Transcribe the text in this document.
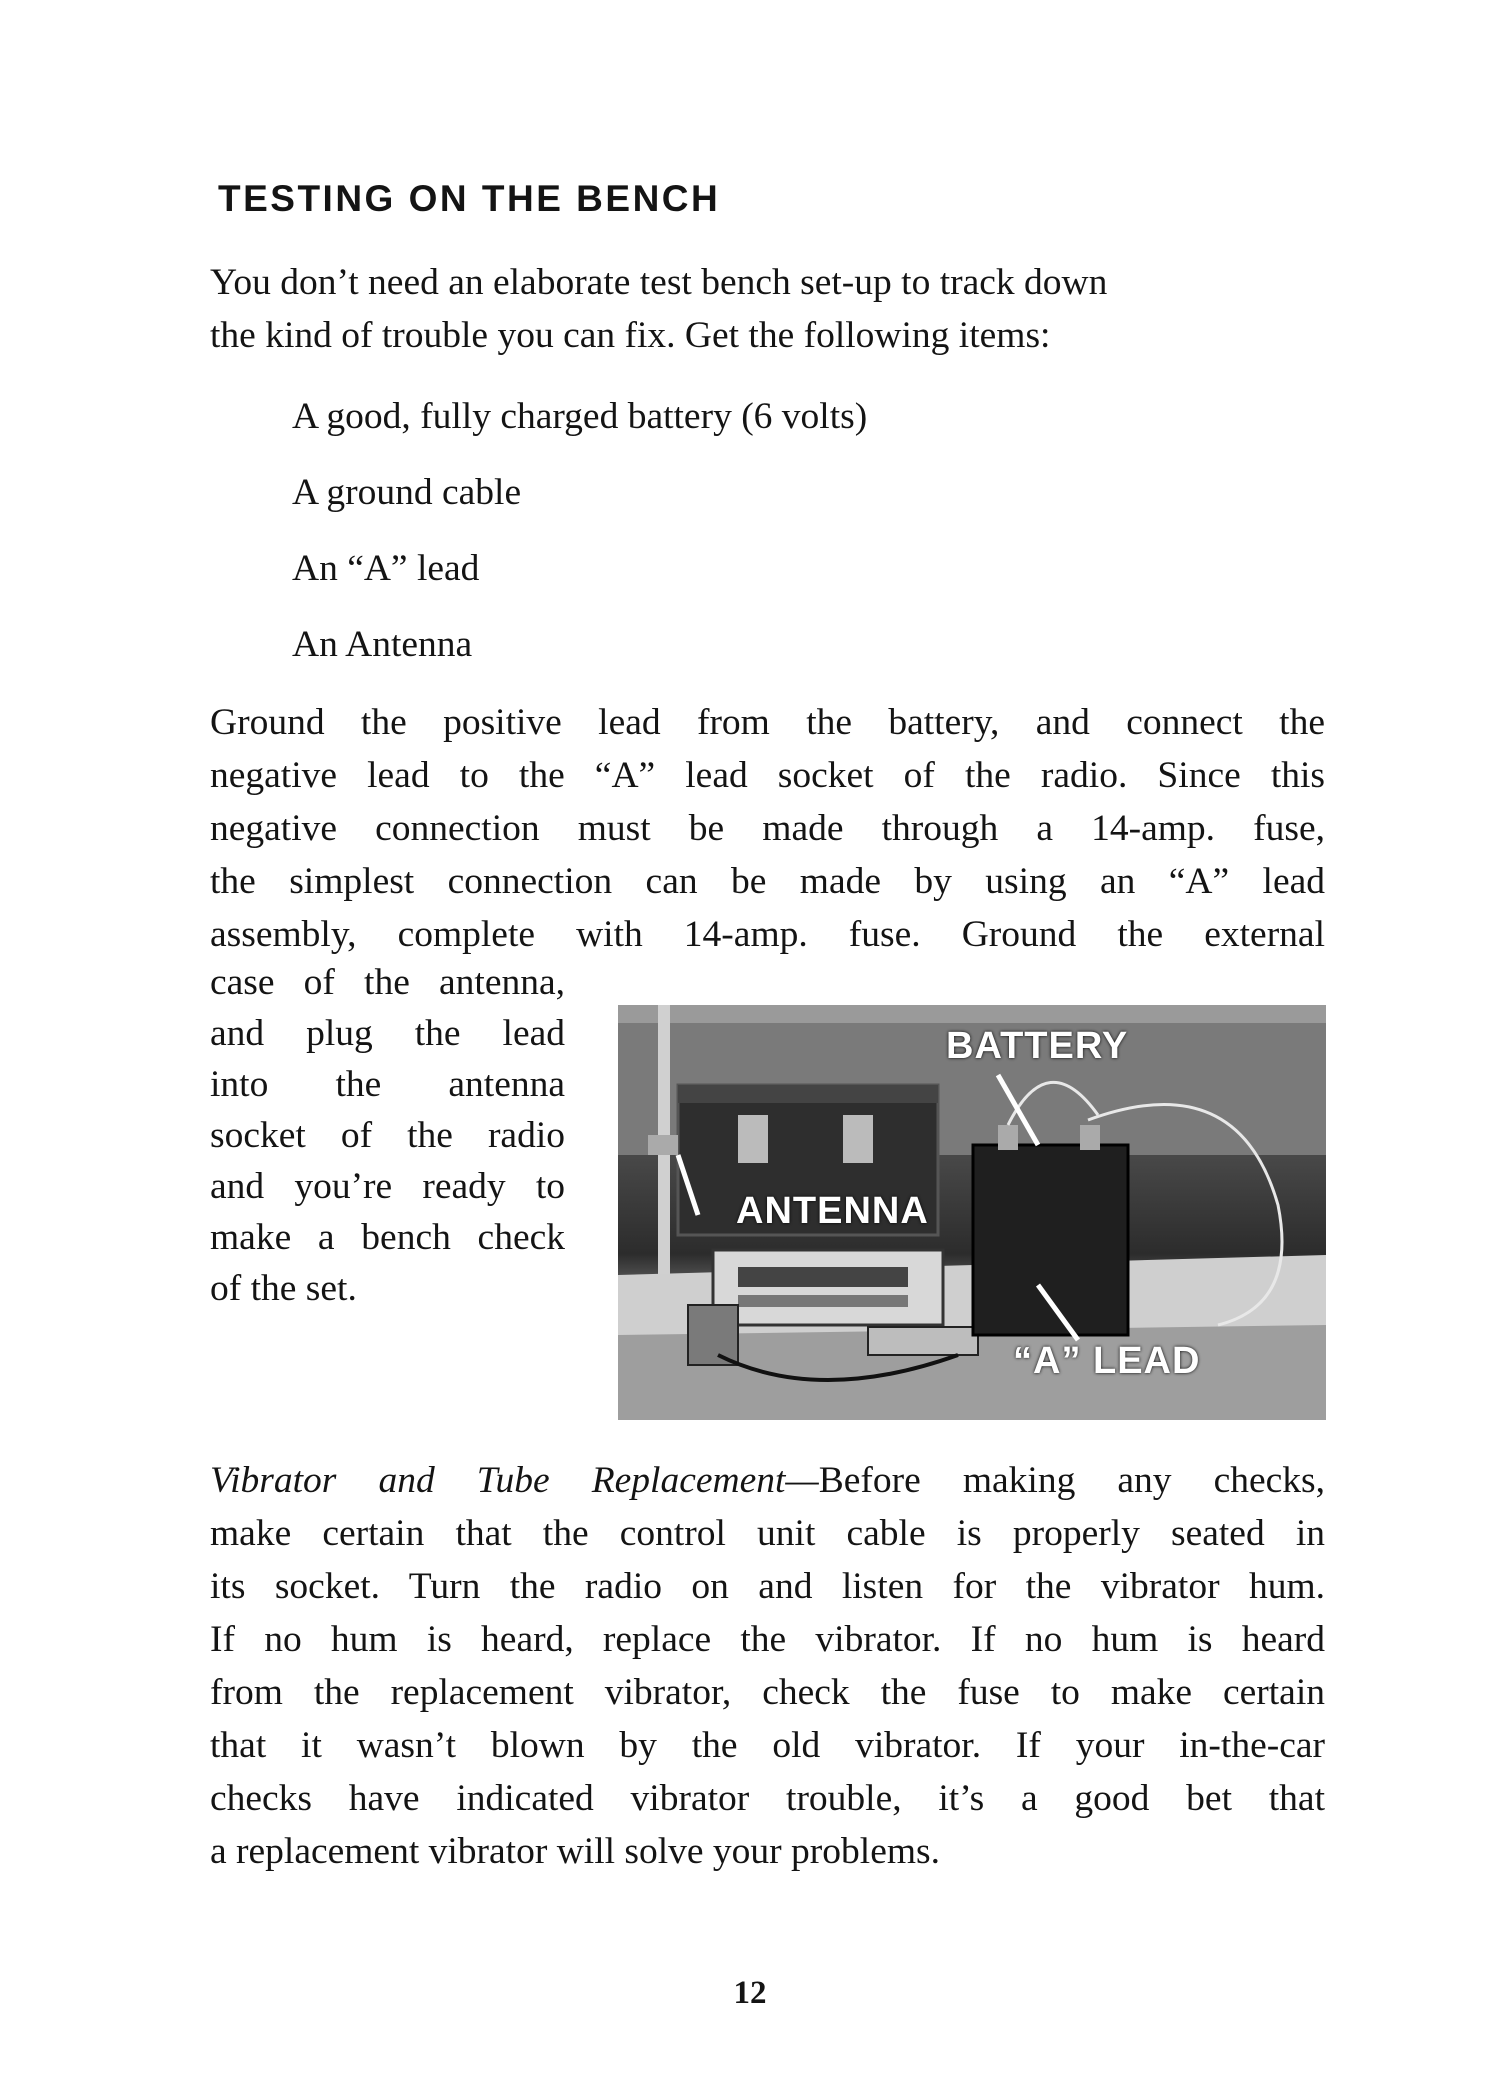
TESTING ON THE BENCH

You don’t need an elaborate test bench set-up to track down
the kind of trouble you can fix. Get the following items:

A good, fully charged battery (6 volts)
A ground cable
An “A” lead
An Antenna

Ground the positive lead from the battery, and connect the
negative lead to the “A” lead socket of the radio. Since this
negative connection must be made through a 14-amp. fuse,
the simplest connection can be made by using an “A” lead
assembly, complete with 14-amp. fuse. Ground the external

case of the antenna,
and plug the lead
into the antenna
socket of the radio
and you’re ready to
make a bench check
of the set.

BATTERY
ANTENNA
“A” LEAD

Vibrator and Tube Replacement—Before making any checks,
make certain that the control unit cable is properly seated in
its socket. Turn the radio on and listen for the vibrator hum.
If no hum is heard, replace the vibrator. If no hum is heard
from the replacement vibrator, check the fuse to make certain
that it wasn’t blown by the old vibrator. If your in-the-car
checks have indicated vibrator trouble, it’s a good bet that
a replacement vibrator will solve your problems.

12
